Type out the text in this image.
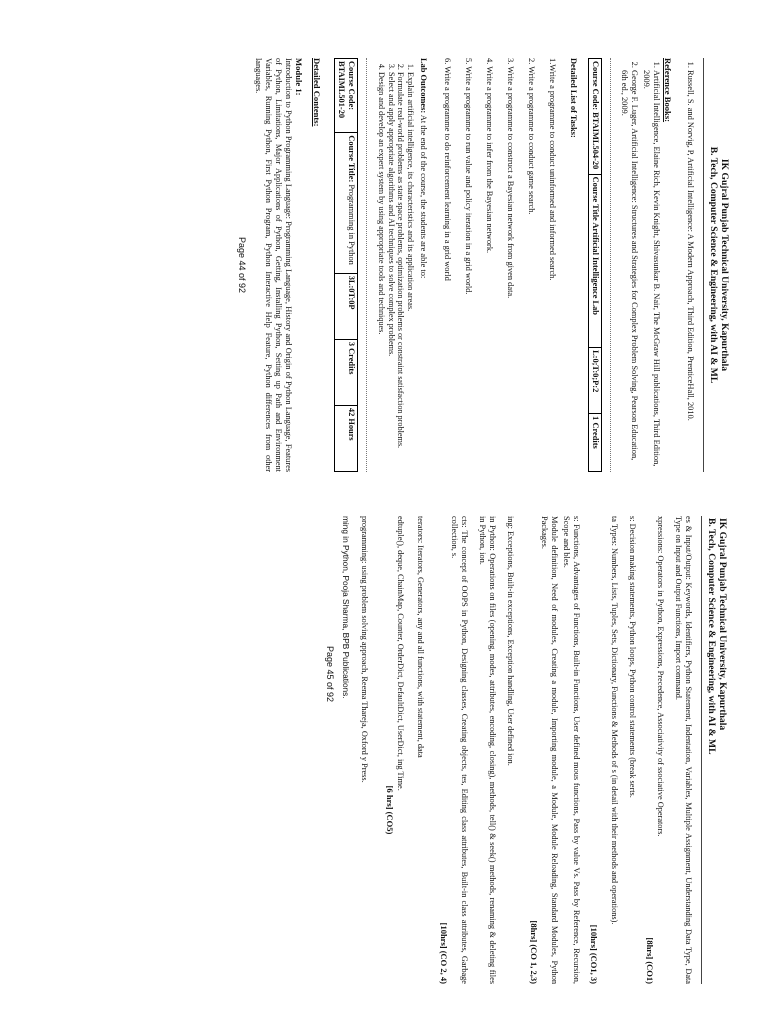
IK Gujral Punjab Technical University, Kapurthala
B. Tech, Computer Science & Engineering, with AI & ML
1. Russell, S. and Norvig, P, Artificial Intelligence: A Modern Approach, Third Edition, PrenticeHall, 2010.
Reference Books:
1. Artificial Intelligence, Elaine Rich, Kevin Knight, Shivasunkar B. Nair, The McGraw Hill publications, Third Edition, 2009.
2. George F. Luger, Artificial Intelligence: Structures and Strategies for Complex Problem Solving, Pearson Education, 6th ed., 2009.
Course Code: BTAIML504-20	Course Title Artificial Intelligence Lab	L:0;T:0;P:2	1 Credits
Detailed List of Tasks:

1.Write a programme to conduct uninformed and informed search.

2. Write a programme to conduct game search.

3. Write a programme to construct a Bayesian network from given data.

4. Write a programme to infer from the Bayesian network.

5. Write a programme to run value and policy iteration in a grid world.

6. Write a programme to do reinforcement learning in a grid world

Lab Outcomes: At the end of the course, the students are able to:

1. Explain artificial intelligence, its characteristics and its application areas.
2. Formulate real-world problems as state space problems, optimization problems or constraint satisfaction problems.
3. Select and apply appropriate algorithms and AI techniques to solve complex problems.
4. Design and develop an expert system by using appropriate tools and techniques.
Course Code: BTAIML501-20	Course Title: Programming in Python	3L:0T:0P	3 Credits	42 Hours
Detailed Contents:
Module 1:

Introduction to Python Programming Language: Programming Language, History and Origin of Python Language, Features of Python, Limitations, Major Applications of Python, Getting, Installing Python, Setting up Path and Environment Variables, Running Python, First Python Program, Python Interactive Help Feature, Python differences from other languages.

Page 44 of 92
IK Gujral Punjab Technical University, Kapurthala
B. Tech, Computer Science & Engineering, with AI & ML

es & Input/Output: Keywords, Identifiers, Python Statement, Indentation, Variables, Multiple Assignment, Understanding Data Type, Data Type on Input and Output Functions, Import command.

xpressions: Operators in Python, Expressions, Precedence, Associativity of ssociative Operators.

[8hrs] (CO1)

s: Decision making statements, Python loops, Python control statements (break serts.

ta Types: Numbers, Lists, Tuples, Sets, Dictionary, Functions & Methods of s (in detail with their methods and operations).

[10hrs] (CO1, 3)

s: Functions, Advantages of Functions, Built-in Functions, User defined mous functions, Pass by value Vs. Pass by Reference, Recursion, Scope and bles.

Module definition, Need of modules, Creating a module, Importing module, a Module, Module Reloading, Standard Modules, Python Packages.

[8hrs] (CO 1, 2,3)

ing: Exceptions, Built-in exceptions, Exception handling, User defined ion.

in Python: Operations on files (opening, modes, attributes, encoding, closing), methods, tell() & seek() methods, renaming & deleting files in Python, ion.

cts: The concept of OOPS in Python, Designing classes, Creating objects, tes, Editing class attributes, Built-in class attributes, Garbage collection, s.

[10hrs] (CO 2, 4)

terators: Iterators, Generators, any and all functions, with statement, data

edtuple(), deque, ChainMap, Counter, OrderDict, DefaultDict, UserDict, ing Time.

[6 hrs] (CO5)

programming: using problem solving approach, Reema Thareja, Oxford y Press.

ming in Python, Pooja Sharma, BPB Publications.

Page 45 of 92
